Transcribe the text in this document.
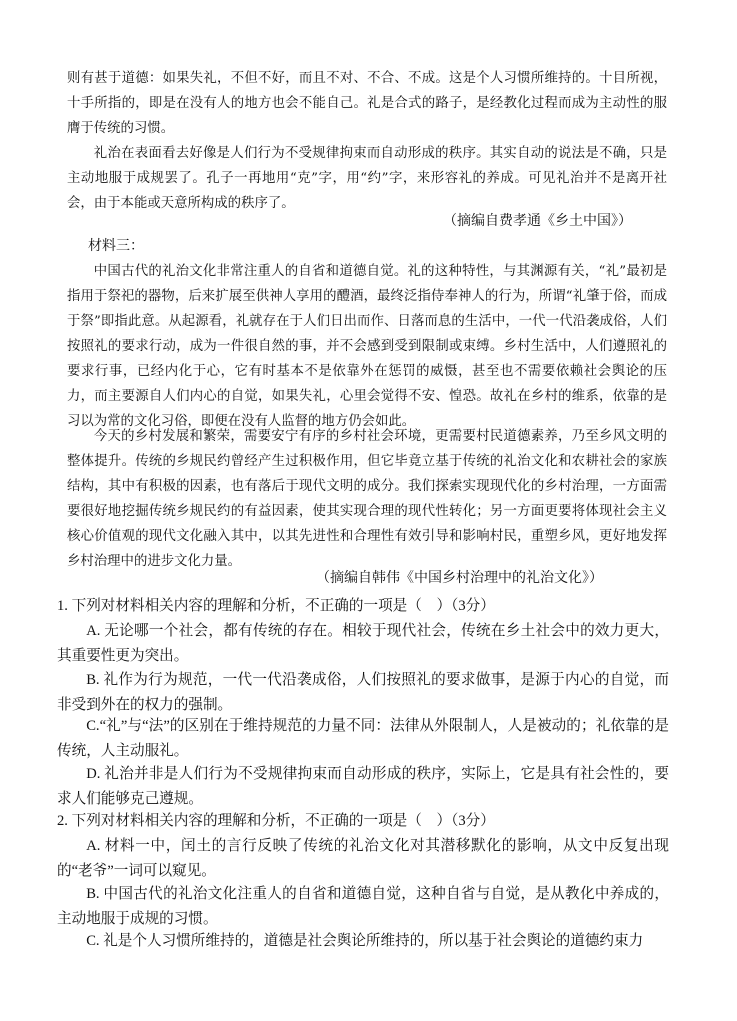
则有甚于道德：如果失礼，不但不好，而且不对、不合、不成。这是个人习惯所维持的。十目所视，十手所指的，即是在没有人的地方也会不能自己。礼是合式的路子，是经教化过程而成为主动性的服膺于传统的习惯。
礼治在表面看去好像是人们行为不受规律拘束而自动形成的秩序。其实自动的说法是不确，只是主动地服于成规罢了。孔子一再地用“克”字，用“约”字，来形容礼的养成。可见礼治并不是离开社会，由于本能或天意所构成的秩序了。
（摘编自费孝通《乡土中国》）
材料三：
中国古代的礼治文化非常注重人的自省和道德自觉。礼的这种特性，与其渊源有关，“礼”最初是指用于祭祀的器物，后来扩展至供神人享用的醴酒，最终泛指侍奉神人的行为，所谓“礼肇于俗，而成于祭”即指此意。从起源看，礼就存在于人们日出而作、日落而息的生活中，一代一代沿袭成俗，人们按照礼的要求行动，成为一件很自然的事，并不会感到受到限制或束缚。乡村生活中，人们遵照礼的要求行事，已经内化于心，它有时基本不是依靠外在惩罚的威慑，甚至也不需要依赖社会舆论的压力，而主要源自人们内心的自觉，如果失礼，心里会觉得不安、惶恐。故礼在乡村的维系，依靠的是习以为常的文化习俗，即便在没有人监督的地方仍会如此。
今天的乡村发展和繁荣，需要安宁有序的乡村社会环境，更需要村民道德素养，乃至乡风文明的整体提升。传统的乡规民约曾经产生过积极作用，但它毕竟立基于传统的礼治文化和农耕社会的家族结构，其中有积极的因素，也有落后于现代文明的成分。我们探索实现现代化的乡村治理，一方面需要很好地挖掘传统乡规民约的有益因素，使其实现合理的现代性转化；另一方面更要将体现社会主义核心价值观的现代文化融入其中，以其先进性和合理性有效引导和影响村民，重塑乡风，更好地发挥乡村治理中的进步文化力量。
（摘编自韩伟《中国乡村治理中的礼治文化》）
1. 下列对材料相关内容的理解和分析，不正确的一项是（　）（3分）
A. 无论哪一个社会，都有传统的存在。相较于现代社会，传统在乡土社会中的效力更大，其重要性更为突出。
B. 礼作为行为规范，一代一代沿袭成俗，人们按照礼的要求做事，是源于内心的自觉，而非受到外在的权力的强制。
C.“礼”与“法”的区别在于维持规范的力量不同：法律从外限制人，人是被动的；礼依靠的是传统，人主动服礼。
D. 礼治并非是人们行为不受规律拘束而自动形成的秩序，实际上，它是具有社会性的，要求人们能够克己遵规。
2. 下列对材料相关内容的理解和分析，不正确的一项是（　）（3分）
A. 材料一中，闰土的言行反映了传统的礼治文化对其潜移默化的影响，从文中反复出现的“老爷”一词可以窥见。
B. 中国古代的礼治文化注重人的自省和道德自觉，这种自省与自觉，是从教化中养成的，主动地服于成规的习惯。
C. 礼是个人习惯所维持的，道德是社会舆论所维持的，所以基于社会舆论的道德约束力
